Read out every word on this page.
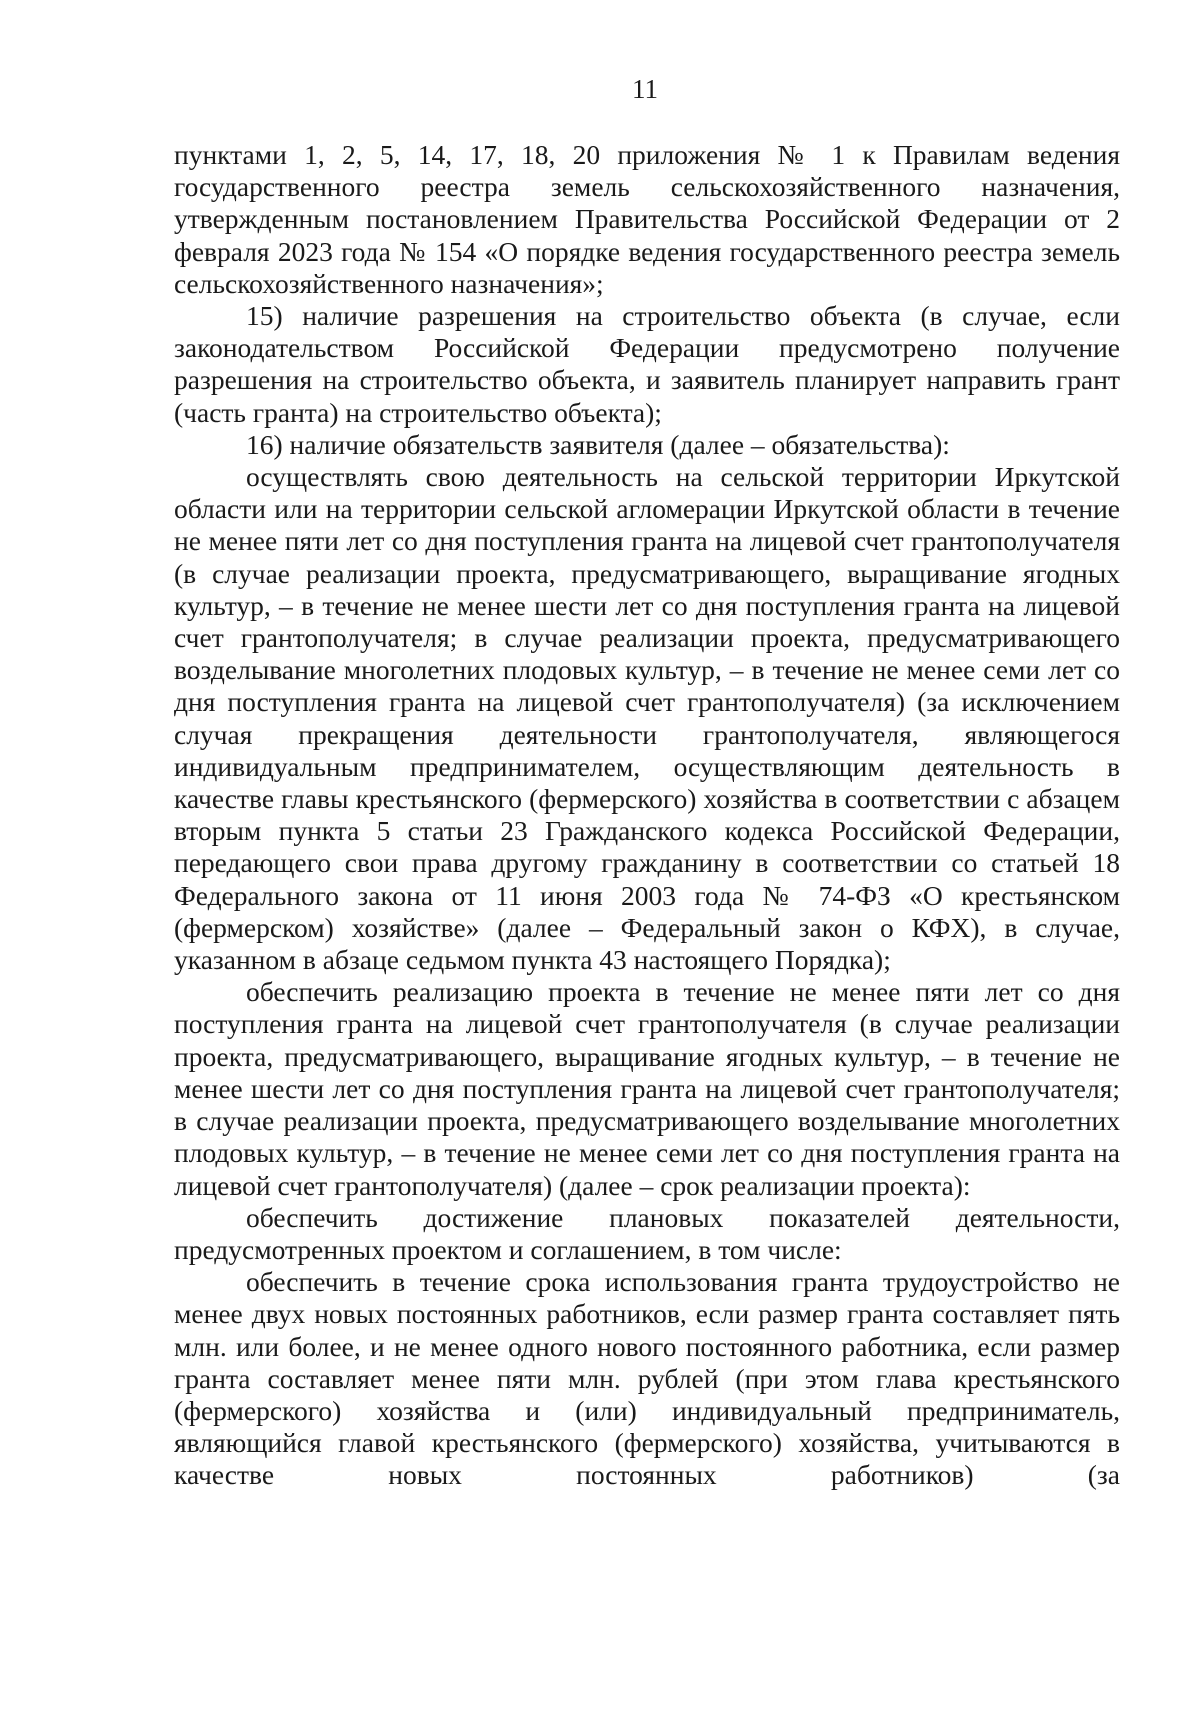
11

пунктами 1, 2, 5, 14, 17, 18, 20 приложения № 1 к Правилам ведения государственного реестра земель сельскохозяйственного назначения, утвержденным постановлением Правительства Российской Федерации от 2 февраля 2023 года № 154 «О порядке ведения государственного реестра земель сельскохозяйственного назначения»;

15) наличие разрешения на строительство объекта (в случае, если законодательством Российской Федерации предусмотрено получение разрешения на строительство объекта, и заявитель планирует направить грант (часть гранта) на строительство объекта);

16) наличие обязательств заявителя (далее – обязательства):

осуществлять свою деятельность на сельской территории Иркутской области или на территории сельской агломерации Иркутской области в течение не менее пяти лет со дня поступления гранта на лицевой счет грантополучателя (в случае реализации проекта, предусматривающего, выращивание ягодных культур, – в течение не менее шести лет со дня поступления гранта на лицевой счет грантополучателя; в случае реализации проекта, предусматривающего возделывание многолетних плодовых культур, – в течение не менее семи лет со дня поступления гранта на лицевой счет грантополучателя) (за исключением случая прекращения деятельности грантополучателя, являющегося индивидуальным предпринимателем, осуществляющим деятельность в качестве главы крестьянского (фермерского) хозяйства в соответствии с абзацем вторым пункта 5 статьи 23 Гражданского кодекса Российской Федерации, передающего свои права другому гражданину в соответствии со статьей 18 Федерального закона от 11 июня 2003 года № 74-ФЗ «О крестьянском (фермерском) хозяйстве» (далее – Федеральный закон о КФХ), в случае, указанном в абзаце седьмом пункта 43 настоящего Порядка);

обеспечить реализацию проекта в течение не менее пяти лет со дня поступления гранта на лицевой счет грантополучателя (в случае реализации проекта, предусматривающего, выращивание ягодных культур, – в течение не менее шести лет со дня поступления гранта на лицевой счет грантополучателя; в случае реализации проекта, предусматривающего возделывание многолетних плодовых культур, – в течение не менее семи лет со дня поступления гранта на лицевой счет грантополучателя) (далее – срок реализации проекта):

обеспечить достижение плановых показателей деятельности, предусмотренных проектом и соглашением, в том числе:

обеспечить в течение срока использования гранта трудоустройство не менее двух новых постоянных работников, если размер гранта составляет пять млн. или более, и не менее одного нового постоянного работника, если размер гранта составляет менее пяти млн. рублей (при этом глава крестьянского (фермерского) хозяйства и (или) индивидуальный предприниматель, являющийся главой крестьянского (фермерского) хозяйства, учитываются в качестве новых постоянных работников) (за
